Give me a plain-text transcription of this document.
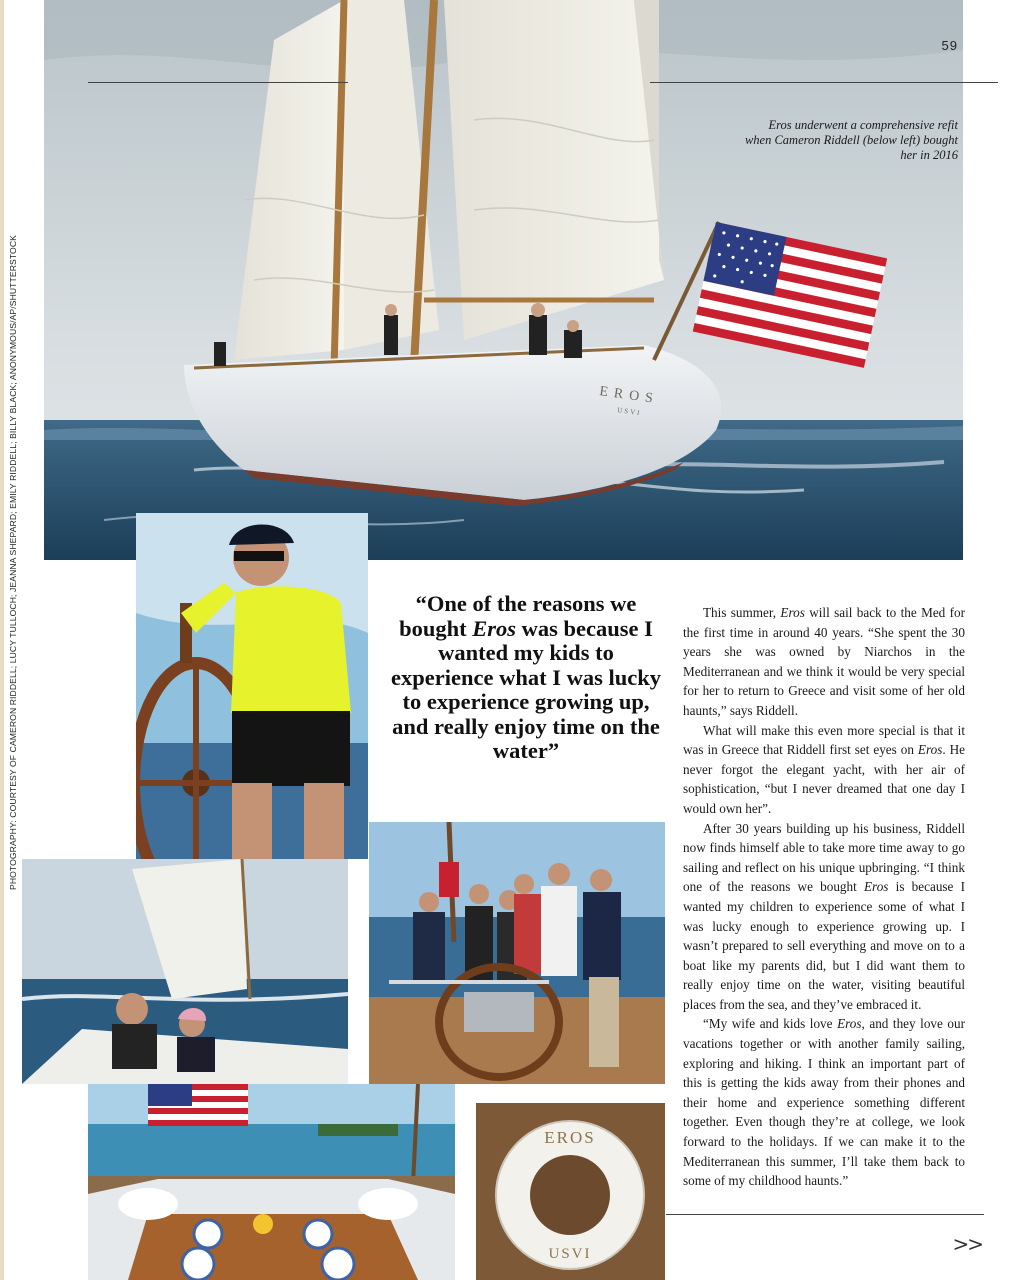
PHOTOGRAPHY: COURTESY OF CAMERON RIDDELL; LUCY TULLOCH; JEANNA SHEPARD; EMILY RIDDELL; BILLY BLACK; ANONYMOUS/AP/SHUTTERSTOCK	EROS
USVI
59
Eros underwent a comprehensive refit when Cameron Riddell (below left) bought her in 2016
EROS
USVI
“One of the reasons we bought Eros was because I wanted my kids to experience what I was lucky to experience growing up, and really enjoy time on the water”

This summer, Eros will sail back to the Med for the first time in around 40 years. “She spent the 30 years she was owned by Niarchos in the Mediterranean and we think it would be very special for her to return to Greece and visit some of her old haunts,” says Riddell.

What will make this even more special is that it was in Greece that Riddell first set eyes on Eros. He never forgot the elegant yacht, with her air of sophistication, “but I never dreamed that one day I would own her”.

After 30 years building up his business, Riddell now finds himself able to take more time away to go sailing and reflect on his unique upbringing. “I think one of the reasons we bought Eros is because I wanted my children to experience some of what I was lucky enough to experience growing up. I wasn’t prepared to sell everything and move on to a boat like my parents did, but I did want them to really enjoy time on the water, visiting beautiful places from the sea, and they’ve embraced it.

“My wife and kids love Eros, and they love our vacations together or with another family sailing, exploring and hiking. I think an important part of this is getting the kids away from their phones and their home and experience something different together. Even though they’re at college, we look forward to the holidays. If we can make it to the Mediterranean this summer, I’ll take them back to some of my childhood haunts.”

>>
